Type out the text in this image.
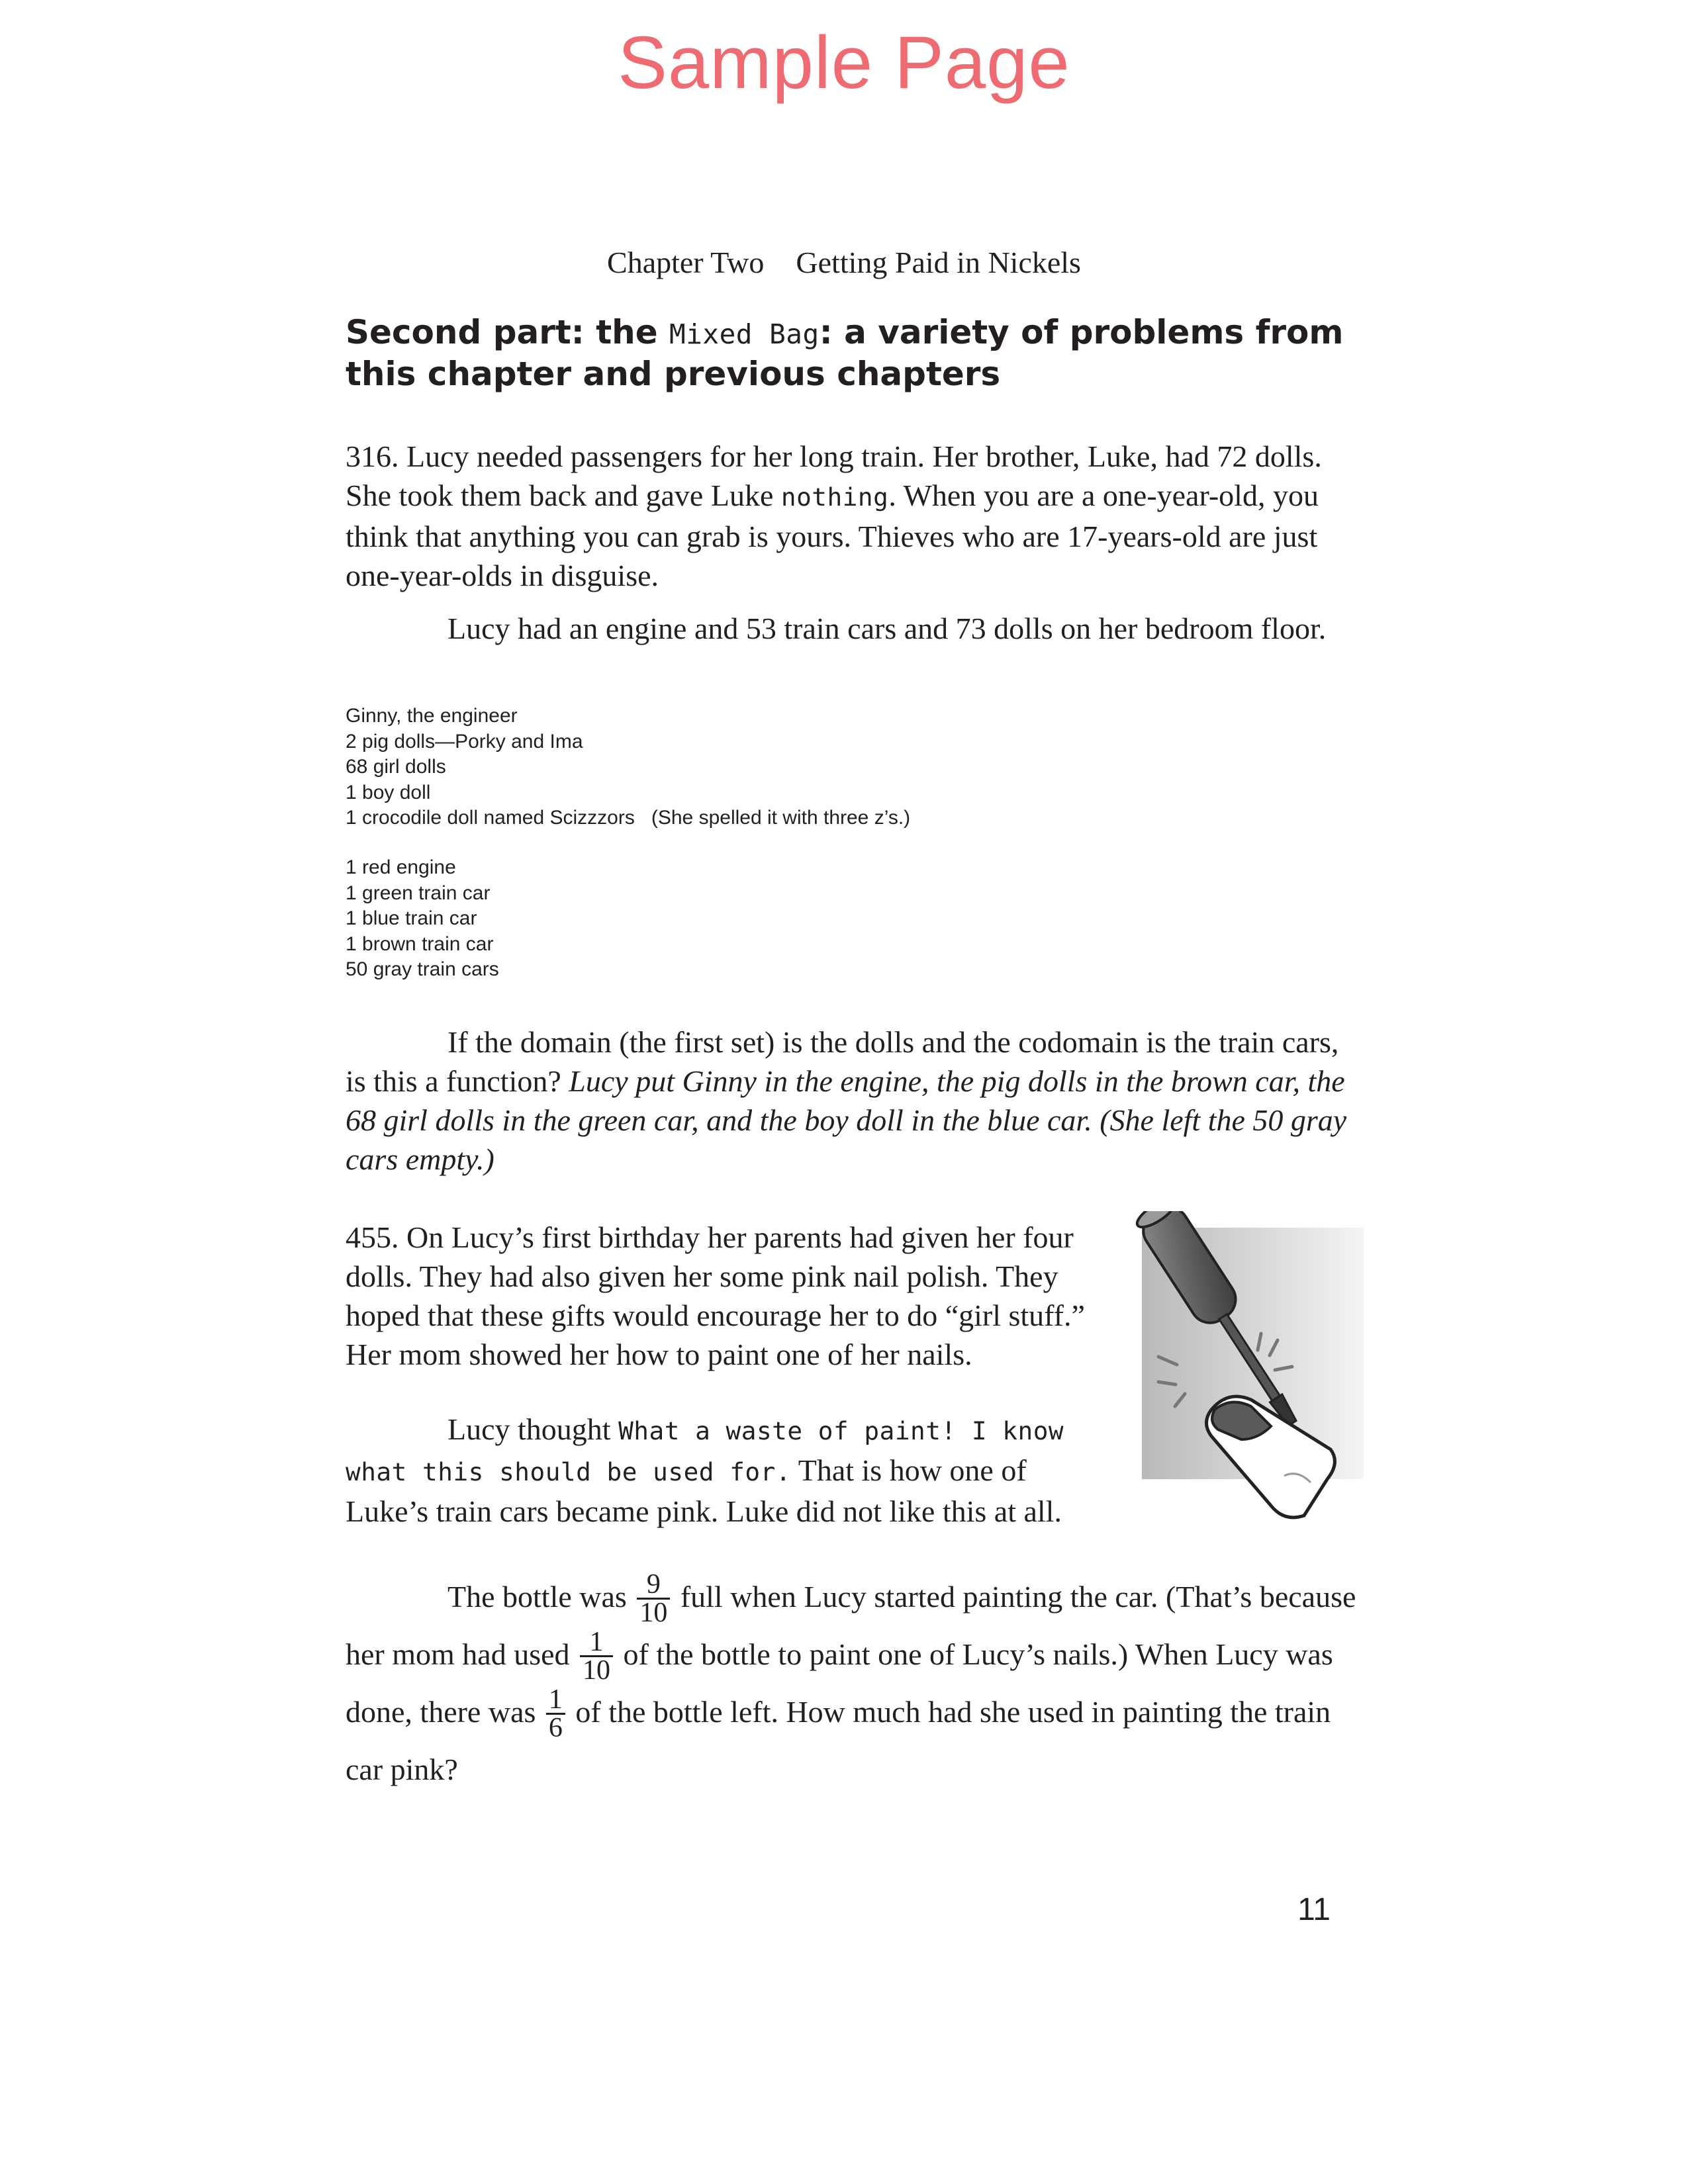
Sample Page
Chapter Two Getting Paid in Nickels
Second part: the Mixed Bag: a variety of problems from this chapter and previous chapters

316. Lucy needed passengers for her long train. Her brother, Luke, had 72 dolls. She took them back and gave Luke nothing. When you are a one-year-old, you think that anything you can grab is yours. Thieves who are 17-years-old are just one-year-olds in disguise.

Lucy had an engine and 53 train cars and 73 dolls on her bedroom floor.

Ginny, the engineer
2 pig dolls—Porky and Ima
68 girl dolls
1 boy doll
1 crocodile doll named Scizzzors   (She spelled it with three z’s.)
1 red engine
1 green train car
1 blue train car
1 brown train car
50 gray train cars

If the domain (the first set) is the dolls and the codomain is the train cars, is this a function? Lucy put Ginny in the engine, the pig dolls in the brown car, the 68 girl dolls in the green car, and the boy doll in the blue car. (She left the 50 gray cars empty.)

455. On Lucy’s first birthday her parents had given her four dolls. They had also given her some pink nail polish. They hoped that these gifts would encourage her to do “girl stuff.” Her mom showed her how to paint one of her nails.

Lucy thought What a waste of paint! I know what this should be used for. That is how one of Luke’s train cars became pink. Luke did not like this at all.

The bottle was $\frac{9}{10}$ full when Lucy started painting the car. (That’s because her mom had used $\frac{1}{10}$ of the bottle to paint one of Lucy’s nails.) When Lucy was done, there was $\frac{1}{6}$ of the bottle left. How much had she used in painting the train car pink?

11
